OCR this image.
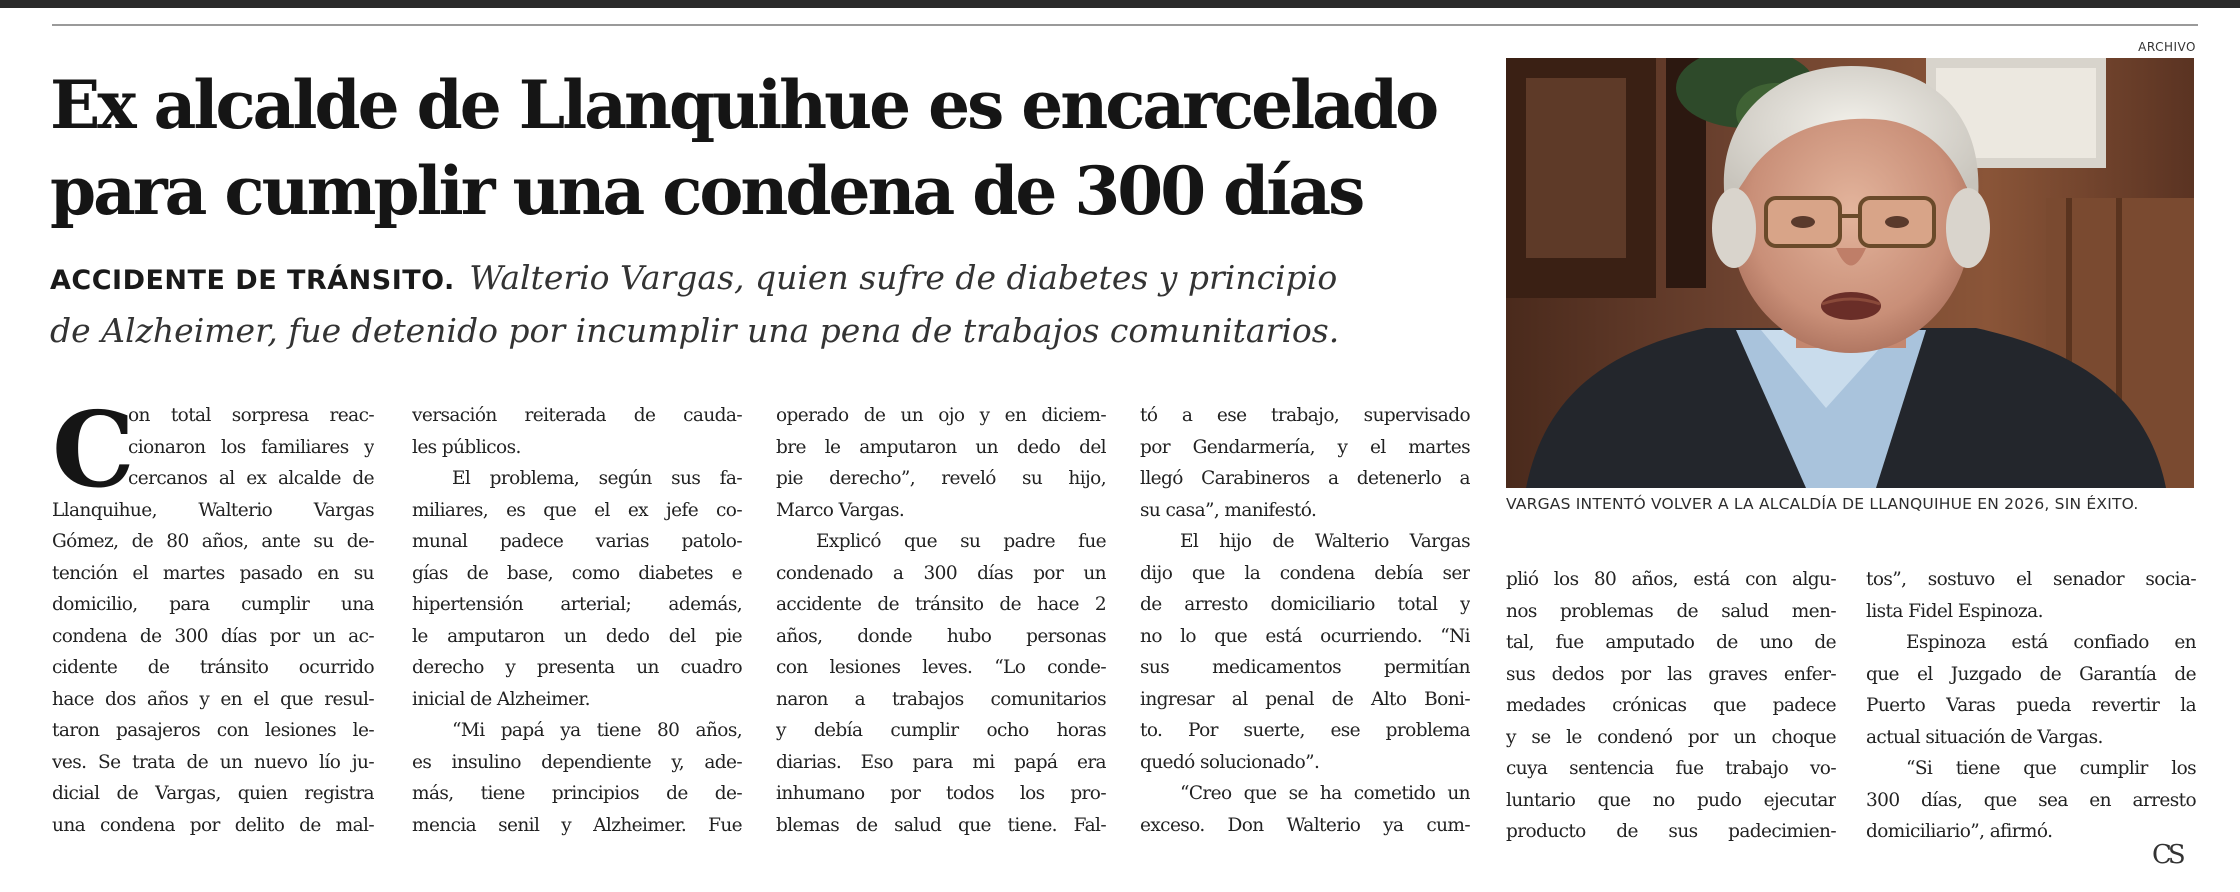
Ex alcalde de Llanquihue es encarcelado
para cumplir una condena de 300 días
ACCIDENTE DE TRÁNSITO. Walterio Vargas, quien sufre de diabetes y principio
de Alzheimer, fue detenido por incumplir una pena de trabajos comunitarios.
ARCHIVO
VARGAS INTENTÓ VOLVER A LA ALCALDÍA DE LLANQUIHUE EN 2026, SIN ÉXITO.
C
on total sorpresa reac-
cionaron los familiares y
cercanos al ex alcalde de
Llanquihue, Walterio Vargas
Gómez, de 80 años, ante su de-
tención el martes pasado en su
domicilio, para cumplir una
condena de 300 días por un ac-
cidente de tránsito ocurrido
hace dos años y en el que resul-
taron pasajeros con lesiones le-
ves. Se trata de un nuevo lío ju-
dicial de Vargas, quien registra
una condena por delito de mal-
versación reiterada de cauda-
les públicos.
El problema, según sus fa-
miliares, es que el ex jefe co-
munal padece varias patolo-
gías de base, como diabetes e
hipertensión arterial; además,
le amputaron un dedo del pie
derecho y presenta un cuadro
inicial de Alzheimer.
“Mi papá ya tiene 80 años,
es insulino dependiente y, ade-
más, tiene principios de de-
mencia senil y Alzheimer. Fue
operado de un ojo y en diciem-
bre le amputaron un dedo del
pie derecho”, reveló su hijo,
Marco Vargas.
Explicó que su padre fue
condenado a 300 días por un
accidente de tránsito de hace 2
años, donde hubo personas
con lesiones leves. “Lo conde-
naron a trabajos comunitarios
y debía cumplir ocho horas
diarias. Eso para mi papá era
inhumano por todos los pro-
blemas de salud que tiene. Fal-
tó a ese trabajo, supervisado
por Gendarmería, y el martes
llegó Carabineros a detenerlo a
su casa”, manifestó.
El hijo de Walterio Vargas
dijo que la condena debía ser
de arresto domiciliario total y
no lo que está ocurriendo. “Ni
sus medicamentos permitían
ingresar al penal de Alto Boni-
to. Por suerte, ese problema
quedó solucionado”.
“Creo que se ha cometido un
exceso. Don Walterio ya cum-
plió los 80 años, está con algu-
nos problemas de salud men-
tal, fue amputado de uno de
sus dedos por las graves enfer-
medades crónicas que padece
y se le condenó por un choque
cuya sentencia fue trabajo vo-
luntario que no pudo ejecutar
producto de sus padecimien-
tos”, sostuvo el senador socia-
lista Fidel Espinoza.
Espinoza está confiado en
que el Juzgado de Garantía de
Puerto Varas pueda revertir la
actual situación de Vargas.
“Si tiene que cumplir los
300 días, que sea en arresto
domiciliario”, afirmó.
CS
